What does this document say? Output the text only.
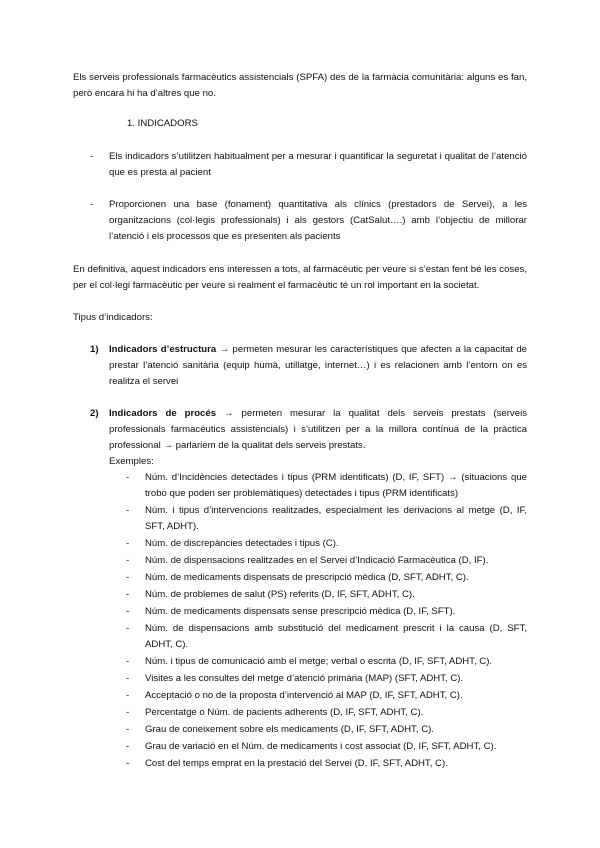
Els serveis professionals farmacèutics assistencials (SPFA) des de la farmàcia comunitària: alguns es fan, però encara hi ha d’altres que no.

1. INDICADORS

- Els indicadors s’utilitzen habitualment per a mesurar i quantificar la seguretat i qualitat de l’atenció que es presta al pacient
- Proporcionen una base (fonament) quantitativa als clínics (prestadors de Servei), a les organitzacions (col·legis professionals) i als gestors (CatSalut….) amb l’objectiu de millorar l’atenció i els processos que es presenten als pacients

En definitiva, aquest indicadors ens interessen a tots, al farmacèutic per veure si s’estan fent bé les coses, per el col·legi farmacèutic per veure si realment el farmacèutic té un rol important en la societat.

Tipus d’indicadors:

1) Indicadors d’estructura → permeten mesurar les característiques que afecten a la capacitat de prestar l’atenció sanitària (equip humà, utillatge, internet…) i es relacionen amb l’entorn on es realitza el servei
2) Indicadors de procés → permeten mesurar la qualitat dels serveis prestats (serveis professionals farmacèutics assistencials) i s’utilitzen per a la millora contínua de la pràctica professional → parlariem de la qualitat dels serveis prestats.
Exemples:
- Núm. d’Incidències detectades i tipus (PRM identificats) (D, IF, SFT) → (situacions que trobo que poden ser problemàtiques) detectades i tipus (PRM identificats)
- Núm. i tipus d’intervencions realitzades, especialment les derivacions al metge (D, IF, SFT, ADHT).
- Núm. de discrepàncies detectades i tipus (C).
- Núm. de dispensacions realitzades en el Servei d’Indicació Farmacèutica (D, IF).
- Núm. de medicaments dispensats de prescripció mèdica (D, SFT, ADHT, C).
- Núm. de problemes de salut (PS) referits (D, IF, SFT, ADHT, C).
- Núm. de medicaments dispensats sense prescripció mèdica (D, IF, SFT).
- Núm. de dispensacions amb substitució del medicament prescrit i la causa (D, SFT, ADHT, C).
- Núm. i tipus de comunicació amb el metge; verbal o escrita (D, IF, SFT, ADHT, C).
- Visites a les consultes del metge d’atenció primària (MAP) (SFT, ADHT, C).
- Acceptació o no de la proposta d’intervenció al MAP (D, IF, SFT, ADHT, C).
- Percentatge o Núm. de pacients adherents (D, IF, SFT, ADHT, C).
- Grau de coneixement sobre els medicaments (D, IF, SFT, ADHT, C).
- Grau de variació en el Núm. de medicaments i cost associat (D, IF, SFT, ADHT, C).
- Cost del temps emprat en la prestació del Servei (D, IF, SFT, ADHT, C).
